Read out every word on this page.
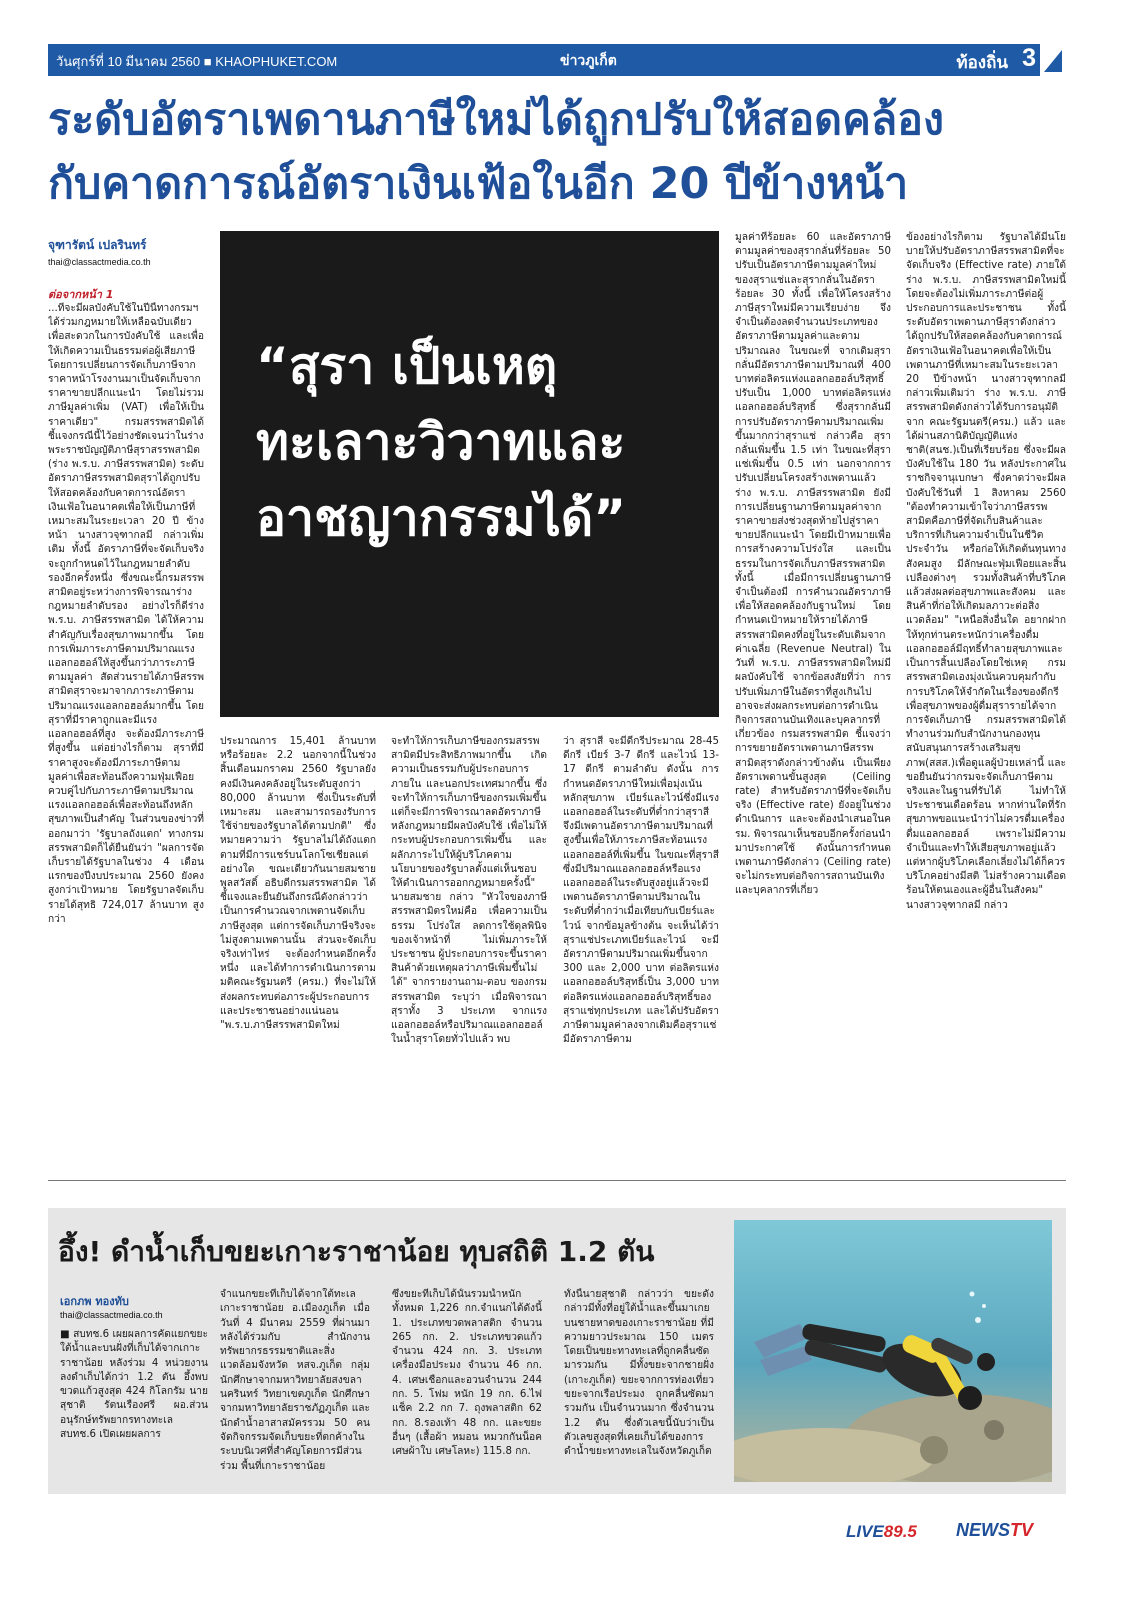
วันศุกร์ที่ 10 มีนาคม 2560 ■ KHAOPHUKET.COM	ข่าวภูเก็ต	ท้องถิ่น 3
ระดับอัตราเพดานภาษีใหม่ได้ถูกปรับให้สอดคล้อง
กับคาดการณ์อัตราเงินเฟ้อในอีก 20 ปีข้างหน้า
จุฑารัตน์ เปลรินทร์
thai@classactmedia.co.th
ต่อจากหน้า 1

...ที่จะมีผลบังคับใช้ในปีนี้ทางกรมฯ ได้ร่วมกฎหมายให้เหลือฉบับเดียว เพื่อสะดวกในการบังคับใช้ และเพื่อให้เกิดความเป็นธรรมต่อผู้เสียภาษี โดยการเปลี่ยนการจัดเก็บภาษีจากราคาหน้าโรงงานมาเป็นจัดเก็บจากราคาขายปลีกแนะนำ โดยไม่รวมภาษีมูลค่าเพิ่ม (VAT) เพื่อให้เป็นราคาเดียว" กรมสรรพสามิตได้ชี้แจงกรณีนี้ไว้อย่างชัดเจนว่าในร่างพระราชบัญญัติภาษีสุราสรรพสามิต (ร่าง พ.ร.บ. ภาษีสรรพสามิต) ระดับอัตราภาษีสรรพสามิตสุราได้ถูกปรับให้สอดคล้องกับคาดการณ์อัตราเงินเฟ้อในอนาคตเพื่อให้เป็นภาษีที่เหมาะสมในระยะเวลา 20 ปี ข้างหน้า นางสาวจุฑากลมี กล่าวเพิ่มเติม ทั้งนี้ อัตราภาษีที่จะจัดเก็บจริงจะถูกกำหนดไว้ในกฎหมายลำดับรองอีกครั้งหนึ่ง ซึ่งขณะนี้กรมสรรพสามิตอยู่ระหว่างการพิจารณาร่างกฎหมายลำดับรอง อย่างไรก็ดีร่าง พ.ร.บ. ภาษีสรรพสามิต ได้ให้ความสำคัญกับเรื่องสุขภาพมากขึ้น โดยการเพิ่มภาระภาษีตามปริมาณแรงแอลกอฮอล์ให้สูงขึ้นกว่าภาระภาษีตามมูลค่า สัดส่วนรายได้ภาษีสรรพสามิตสุราจะมาจากภาระภาษีตามปริมาณแรงแอลกอฮอล์มากขึ้น โดยสุราที่มีราคาถูกและมีแรงแอลกอฮอล์ที่สูง จะต้องมีภาระภาษีที่สูงขึ้น แต่อย่างไรก็ตาม สุราที่มีราคาสูงจะต้องมีภาระภาษีตามมูลค่าเพื่อสะท้อนถึงความฟุ่มเฟือยควบคู่ไปกับภาระภาษีตามปริมาณแรงแอลกอฮอล์เพื่อสะท้อนถึงหลักสุขภาพเป็นสำคัญ ในส่วนของข่าวที่ออกมาว่า 'รัฐบาลถังแตก' ทางกรมสรรพสามิตก็ได้ยืนยันว่า "ผลการจัดเก็บรายได้รัฐบาลในช่วง 4 เดือนแรกของปีงบประมาณ 2560 ยังคงสูงกว่าเป้าหมาย โดยรัฐบาลจัดเก็บรายได้สุทธิ 724,017 ล้านบาท สูงกว่า

“สุรา เป็นเหตุ
ทะเลาะวิวาทและ
อาชญากรรมได้”

ประมาณการ 15,401 ล้านบาท หรือร้อยละ 2.2 นอกจากนี้ในช่วงสิ้นเดือนมกราคม 2560 รัฐบาลยังคงมีเงินคงคลังอยู่ในระดับสูงกว่า 80,000 ล้านบาท ซึ่งเป็นระดับที่เหมาะสม และสามารถรองรับการใช้จ่ายของรัฐบาลได้ตามปกติ" ซึ่งหมายความว่า รัฐบาลไม่ได้ถังแตกตามที่มีการแชร์บนโลกโซเชียลแต่อย่างใด ขณะเดียวกันนายสมชาย พูลสวัสดิ์ อธิบดีกรมสรรพสามิต ได้ชี้แจงและยืนยันถึงกรณีดังกล่าวว่าเป็นการคำนวณจากเพดานจัดเก็บภาษีสูงสุด แต่การจัดเก็บภาษีจริงจะไม่สูงตามเพดานนั้น ส่วนจะจัดเก็บจริงเท่าไหร่ จะต้องกำหนดอีกครั้งหนึ่ง และได้ทำการดำเนินการตามมติคณะรัฐมนตรี (ครม.) ที่จะไม่ให้ส่งผลกระทบต่อภาระผู้ประกอบการและประชาชนอย่างแน่นอน "พ.ร.บ.ภาษีสรรพสามิตใหม่

จะทำให้การเก็บภาษีของกรมสรรพสามิตมีประสิทธิภาพมากขึ้น เกิดความเป็นธรรมกับผู้ประกอบการภายใน และนอกประเทศมากขึ้น ซึ่งจะทำให้การเก็บภาษีของกรมเพิ่มขึ้น แต่ก็จะมีการพิจารณาลดอัตราภาษีหลังกฎหมายมีผลบังคับใช้ เพื่อไม่ให้กระทบผู้ประกอบการเพิ่มขึ้น และผลักภาระไปให้ผู้บริโภคตามนโยบายของรัฐบาลตั้งแต่เห็นชอบให้ดำเนินการออกกฎหมายครั้งนี้" นายสมชาย กล่าว "หัวใจของภาษีสรรพสามิตรใหม่คือ เพื่อความเป็นธรรม โปร่งใส ลดการใช้ดุลพินิจของเจ้าหน้าที่ ไม่เพิ่มภาระให้ประชาชน ผู้ประกอบการจะขึ้นราคาสินค้าด้วยเหตุผลว่าภาษีเพิ่มขึ้นไม่ได้" จากรายงานถาม-ตอบ ของกรมสรรพสามิต ระบุว่า เมื่อพิจารณาสุราทั้ง 3 ประเภท จากแรงแอลกอฮอล์หรือปริมาณแอลกอฮอล์ในน้ำสุราโดยทั่วไปแล้ว พบ

ว่า สุราสี จะมีดีกรีประมาณ 28-45 ดีกรี เบียร์ 3-7 ดีกรี และไวน์ 13-17 ดีกรี ตามลำดับ ดังนั้น การกำหนดอัตราภาษีใหม่เพื่อมุ่งเน้นหลักสุขภาพ เบียร์และไวน์ซึ่งมีแรงแอลกอฮอล์ในระดับที่ต่ำกว่าสุราสีจึงมีเพดานอัตราภาษีตามปริมาณที่สูงขึ้นเพื่อให้ภาระภาษีสะท้อนแรงแอลกอฮอล์ที่เพิ่มขึ้น ในขณะที่สุราสีซึ่งมีปริมาณแอลกอฮอล์หรือแรงแอลกอฮอล์ในระดับสูงอยู่แล้วจะมีเพดานอัตราภาษีตามปริมาณในระดับที่ต่ำกว่าเมื่อเทียบกับเบียร์และไวน์ จากข้อมูลข้างต้น จะเห็นได้ว่าสุราแช่ประเภทเบียร์และไวน์ จะมีอัตราภาษีตามปริมาณเพิ่มขึ้นจาก 300 และ 2,000 บาท ต่อลิตรแห่งแอลกอฮอล์บริสุทธิ์เป็น 3,000 บาท ต่อลิตรแห่งแอลกอฮอล์บริสุทธิ์ของสุราแช่ทุกประเภท และได้ปรับอัตราภาษีตามมูลค่าลงจากเดิมคือสุราแช่มีอัตราภาษีตาม

มูลค่าที่ร้อยละ 60 และอัตราภาษีตามมูลค่าของสุรากลั่นที่ร้อยละ 50 ปรับเป็นอัตราภาษีตามมูลค่าใหม่ของสุราแช่และสุรากลั่นในอัตราร้อยละ 30 ทั้งนี้ เพื่อให้โครงสร้างภาษีสุราใหม่มีความเรียบง่าย จึงจำเป็นต้องลดจำนวนประเภทของอัตราภาษีตามมูลค่าและตามปริมาณลง ในขณะที่ จากเดิมสุรากลั่นมีอัตราภาษีตามปริมาณที่ 400 บาทต่อลิตรแห่งแอลกอฮอล์บริสุทธิ์ปรับเป็น 1,000 บาทต่อลิตรแห่งแอลกอฮอล์บริสุทธิ์ ซึ่งสุรากลั่นมีการปรับอัตราภาษีตามปริมาณเพิ่มขึ้นมากกว่าสุราแช่ กล่าวคือ สุรากลั่นเพิ่มขึ้น 1.5 เท่า ในขณะที่สุราแช่เพิ่มขึ้น 0.5 เท่า นอกจากการปรับเปลี่ยนโครงสร้างเพดานแล้ว ร่าง พ.ร.บ. ภาษีสรรพสามิต ยังมีการเปลี่ยนฐานภาษีตามมูลค่าจากราคาขายส่งช่วงสุดท้ายไปสู่ราคาขายปลีกแนะนำ โดยมีเป้าหมายเพื่อการสร้างความโปร่งใส และเป็นธรรมในการจัดเก็บภาษีสรรพสามิตทั้งนี้ เมื่อมีการเปลี่ยนฐานภาษีจำเป็นต้องมี การคำนวณอัตราภาษีเพื่อให้สอดคล้องกับฐานใหม่ โดยกำหนดเป้าหมายให้รายได้ภาษีสรรพสามิตคงที่อยู่ในระดับเดิมจากค่าเฉลี่ย (Revenue Neutral) ในวันที่ พ.ร.บ. ภาษีสรรพสามิตใหม่มีผลบังคับใช้ จากข้อสงสัยที่ว่า การปรับเพิ่มภาษีในอัตราที่สูงเกินไป อาจจะส่งผลกระทบต่อการดำเนินกิจการสถานบันเทิงและบุคลากรที่เกี่ยวข้อง กรมสรรพสามิต ชี้แจงว่า การขยายอัตราเพดานภาษีสรรพสามิตสุราดังกล่าวข้างต้น เป็นเพียงอัตราเพดานขั้นสูงสุด (Ceiling rate) สำหรับอัตราภาษีที่จะจัดเก็บจริง (Effective rate) ยังอยู่ในช่วงดำเนินการ และจะต้องนำเสนอในครม. พิจารณาเห็นชอบอีกครั้งก่อนนำมาประกาศใช้ ดังนั้นการกำหนดเพดานภาษีดังกล่าว (Ceiling rate) จะไม่กระทบต่อกิจการสถานบันเทิงและบุคลากรที่เกี่ยว

ข้องอย่างไรก็ตาม รัฐบาลได้มีนโยบายให้ปรับอัตราภาษีสรรพสามิตที่จะจัดเก็บจริง (Effective rate) ภายใต้ร่าง พ.ร.บ. ภาษีสรรพสามิตใหม่นี้ โดยจะต้องไม่เพิ่มภาระภาษีต่อผู้ประกอบการและประชาชน ทั้งนี้ ระดับอัตราเพดานภาษีสุราดังกล่าวได้ถูกปรับให้สอดคล้องกับคาดการณ์อัตราเงินเฟ้อในอนาคตเพื่อให้เป็นเพดานภาษีที่เหมาะสมในระยะเวลา 20 ปีข้างหน้า นางสาวจุฑากลมี กล่าวเพิ่มเติมว่า ร่าง พ.ร.บ. ภาษีสรรพสามิตดังกล่าวได้รับการอนุมัติจาก คณะรัฐมนตรี(ครม.) แล้ว และได้ผ่านสภานิติบัญญัติแห่งชาติ(สนช.)เป็นที่เรียบร้อย ซึ่งจะมีผลบังคับใช้ใน 180 วัน หลังประกาศในราชกิจจานุเบกษา ซึ่งคาดว่าจะมีผลบังคับใช้วันที่ 1 สิงหาคม 2560 "ต้องทำความเข้าใจว่าภาษีสรรพสามิตคือภาษีที่จัดเก็บสินค้าและบริการที่เกินความจำเป็นในชีวิตประจำวัน หรือก่อให้เกิดต้นทุนทางสังคมสูง มีลักษณะฟุ่มเฟือยและสิ้นเปลืองต่างๆ รวมทั้งสินค้าที่บริโภคแล้วส่งผลต่อสุขภาพและสังคม และสินค้าที่ก่อให้เกิดมลภาวะต่อสิ่งแวดล้อม" "เหนือสิ่งอื่นใด อยากฝากให้ทุกท่านตระหนักว่าเครื่องดื่มแอลกอฮอล์มีฤทธิ์ทำลายสุขภาพและเป็นการสิ้นเปลืองโดยใช่เหตุ กรมสรรพสามิตเองมุ่งเน้นควบคุมกำกับการบริโภคให้จำกัดในเรื่องของดีกรี เพื่อสุขภาพของผู้ดื่มสุรารายได้จากการจัดเก็บภาษี กรมสรรพสามิตได้ทำงานร่วมกับสำนักงานกองทุนสนับสนุนการสร้างเสริมสุขภาพ(สสส.)เพื่อดูแลผู้ป่วยเหล่านี้ และขอยืนยันว่ากรมจะจัดเก็บภาษีตามจริงและในฐานที่รับได้ ไม่ทำให้ประชาชนเดือดร้อน หากท่านใดที่รักสุขภาพขอแนะนำว่าไม่ควรดื่มเครื่องดื่มแอลกอฮอล์ เพราะไม่มีความจำเป็นและทำให้เสียสุขภาพอยู่แล้ว แต่หากผู้บริโภคเลือกเลี่ยงไม่ได้ก็ควรบริโภคอย่างมีสติ ไม่สร้างความเดือดร้อนให้ตนเองและผู้อื่นในสังคม" นางสาวจุฑากลมี กล่าว

อึ้ง! ดำน้ำเก็บขยะเกาะราชาน้อย ทุบสถิติ 1.2 ตัน
เอกภพ ทองทับ
thai@classactmedia.co.th

■ สบทช.6 เผยผลการคัดแยกขยะใต้น้ำและบนฝั่งที่เก็บได้จากเกาะราชาน้อย หลังร่วม 4 หน่วยงานลงดำเก็บได้กว่า 1.2 ตัน อึ้งพบขวดแก้วสูงสุด 424 กิโลกรัม นายสุชาติ รัตนเรืองศรี ผอ.ส่วนอนุรักษ์ทรัพยากรทางทะเล สบทช.6 เปิดเผยผลการ

จำแนกขยะที่เก็บได้จากใต้ทะเลเกาะราชาน้อย อ.เมืองภูเก็ต เมื่อวันที่ 4 มีนาคม 2559 ที่ผ่านมา หลังได้ร่วมกับ สำนักงานทรัพยากรธรรมชาติและสิ่งแวดล้อมจังหวัด หสจ.ภูเก็ต กลุ่มนักศึกษาจากมหาวิทยาลัยสงขลานครินทร์ วิทยาเขตภูเก็ต นักศึกษาจากมหาวิทยาลัยราชภัฏภูเก็ต และนักดำน้ำอาสาสมัครรวม 50 คน จัดกิจกรรมจัดเก็บขยะที่ตกค้างในระบบนิเวศที่สำคัญโดยการมีส่วนร่วม พื้นที่เกาะราชาน้อย

ซึ่งขยะที่เก็บได้นั้นรวมน้ำหนักทั้งหมด 1,226 กก.จำแนกได้ดังนี้ 1. ประเภทขวดพลาสติก จำนวน 265 กก. 2. ประเภทขวดแก้ว จำนวน 424 กก. 3. ประเภทเครื่องมือประมง จำนวน 46 กก. 4. เศษเชือกและอวนจำนวน 244 กก. 5. โฟม หนัก 19 กก. 6.ไฟแช็ค 2.2 กก 7. ถุงพลาสติก 62 กก. 8.รองเท้า 48 กก. และขยะอื่นๆ (เสื้อผ้า หมอน หมวกกันน็อค เศษผ้าใบ เศษโลหะ) 115.8 กก.

ทั้งนี้นายสุชาติ กล่าวว่า ขยะดังกล่าวมีทั้งที่อยู่ใต้น้ำและขึ้นมาเกยบนชายหาดของเกาะราชาน้อย ที่มีความยาวประมาณ 150 เมตร โดยเป็นขยะทางทะเลที่ถูกคลื่นซัดมารวมกัน มีทั้งขยะจากชายฝั่ง (เกาะภูเก็ต) ขยะจากการท่องเที่ยว ขยะจากเรือประมง ถูกคลื่นซัดมารวมกัน เป็นจำนวนมาก ซึ่งจำนวน 1.2 ตัน ซึ่งตัวเลขนี้นับว่าเป็นตัวเลขสูงสุดที่เคยเก็บได้ของการดำน้ำขยะทางทะเลในจังหวัดภูเก็ต

LIVE89.5 NEWSTV
